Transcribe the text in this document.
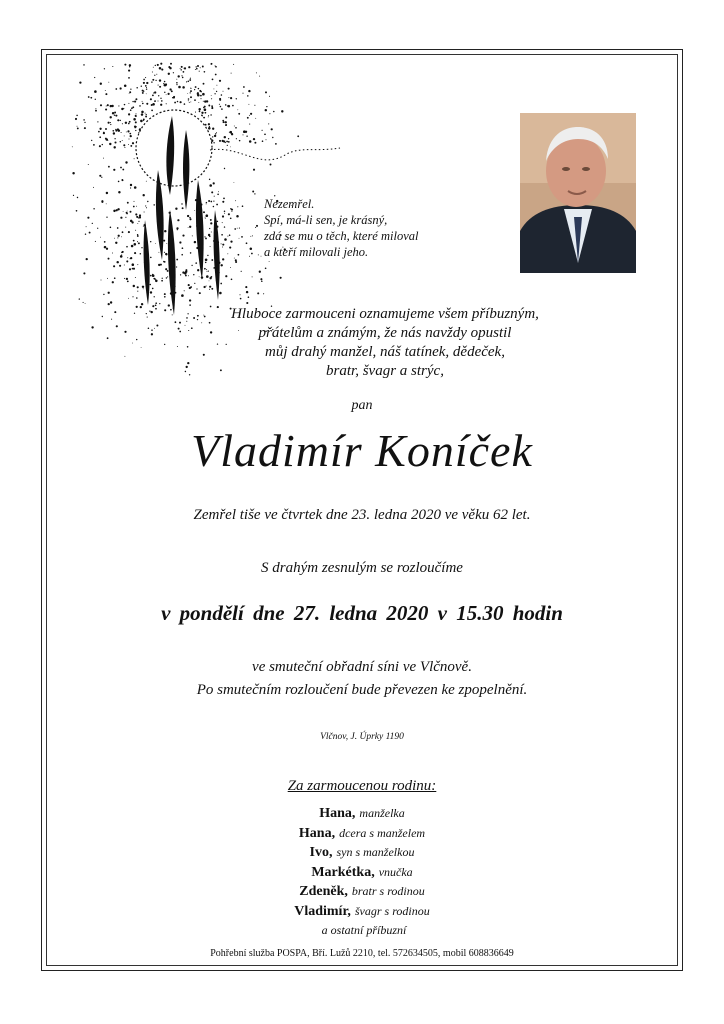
Nezemřel.
Spí, má-li sen, je krásný,
zdá se mu o těch, které miloval
a kteří milovali jeho.
Hluboce zarmouceni oznamujeme všem příbuzným,
přátelům a známým, že nás navždy opustil
můj drahý manžel, náš tatínek, dědeček,
bratr, švagr a strýc,
pan
Vladimír Koníček
Zemřel tiše ve čtvrtek dne 23. ledna 2020 ve věku 62 let.
S drahým zesnulým se rozloučíme
v pondělí dne 27. ledna 2020 v 15.30 hodin
ve smuteční obřadní síni ve Vlčnově.
Po smutečním rozloučení bude převezen ke zpopelnění.
Vlčnov, J. Úprky 1190
Za zarmoucenou rodinu:
Hana, manželka
Hana, dcera s manželem
Ivo, syn s manželkou
Markétka, vnučka
Zdeněk, bratr s rodinou
Vladimír, švagr s rodinou
a ostatní příbuzní
Pohřební služba POSPA, Bří. Lužů 2210, tel. 572634505, mobil 608836649
